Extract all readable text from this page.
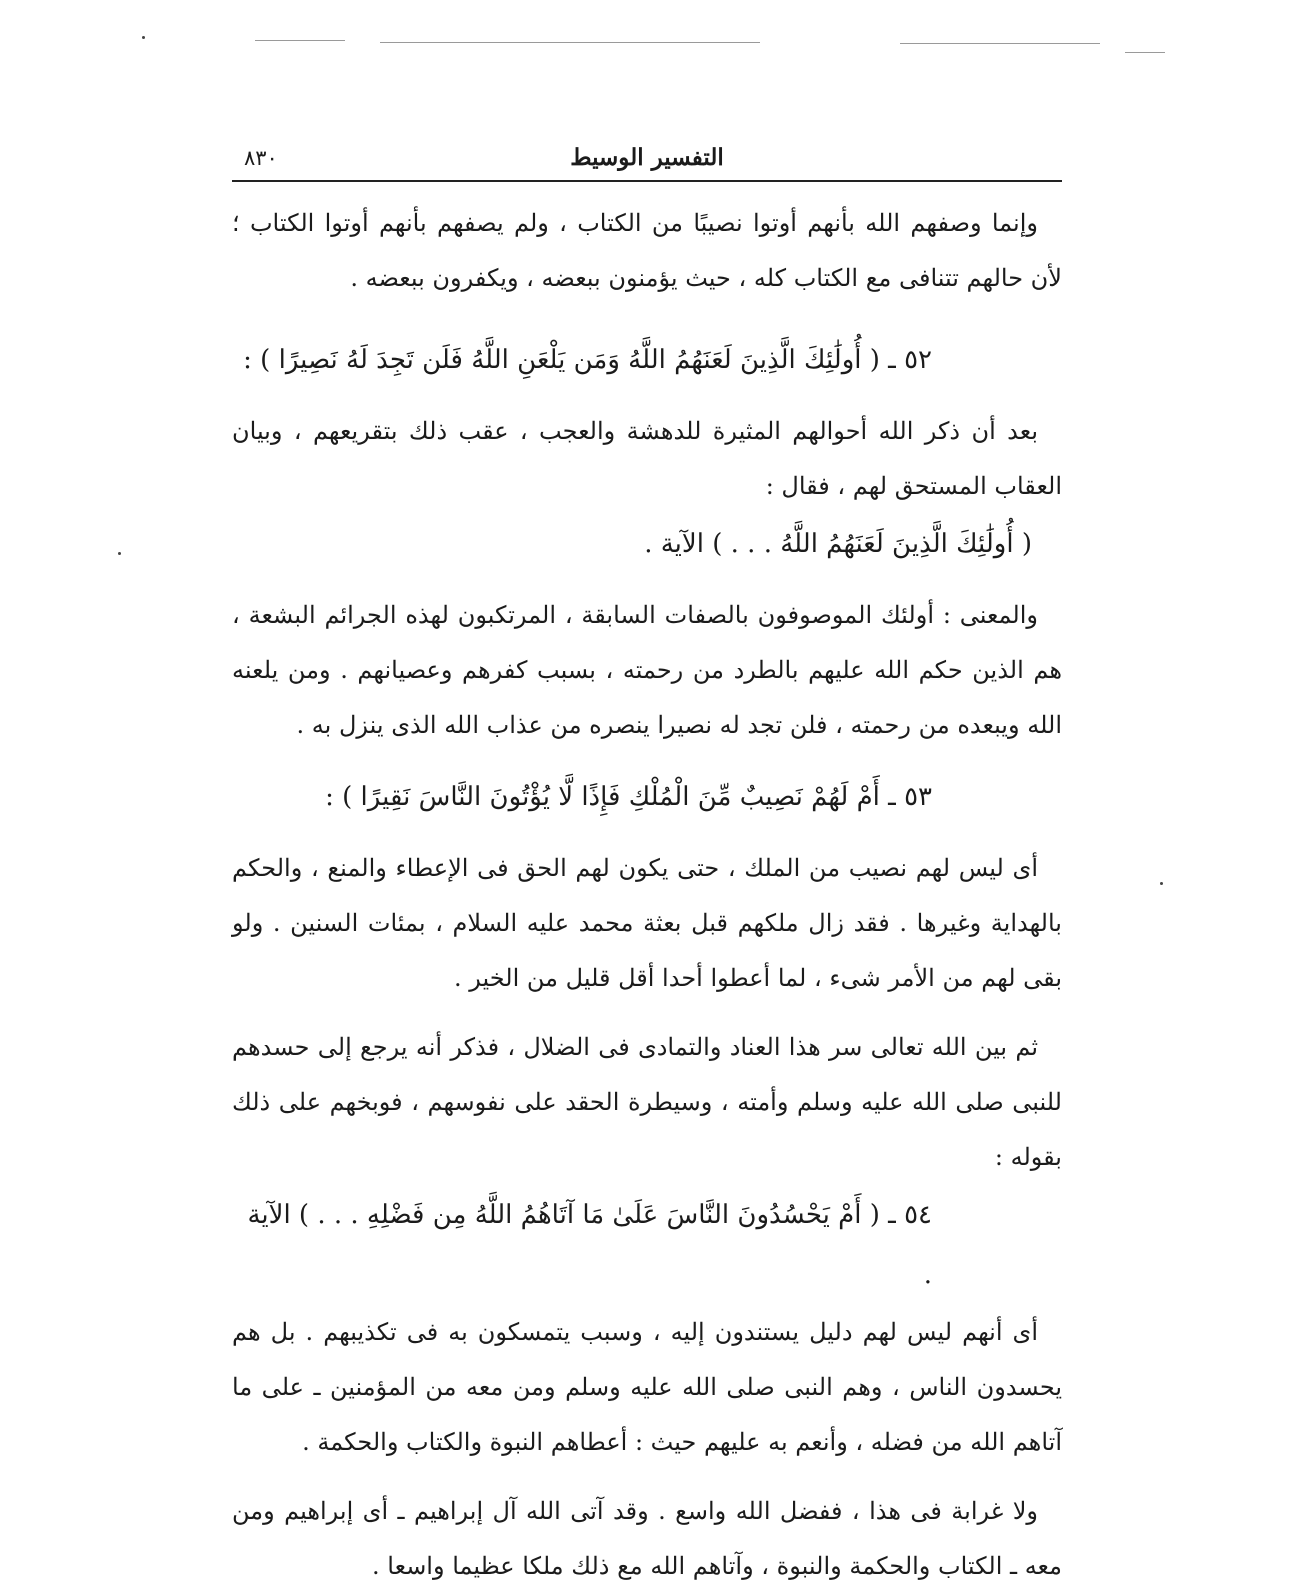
التفسير الوسيط
٨٣٠

وإنما وصفهم الله بأنهم أوتوا نصيبًا من الكتاب ، ولم يصفهم بأنهم أوتوا الكتاب ؛ لأن حالهم تتنافى مع الكتاب كله ، حيث يؤمنون ببعضه ، ويكفرون ببعضه .

٥٢ ـ ( أُولَٰئِكَ الَّذِينَ لَعَنَهُمُ اللَّهُ وَمَن يَلْعَنِ اللَّهُ فَلَن تَجِدَ لَهُ نَصِيرًا ) :

بعد أن ذكر الله أحوالهم المثيرة للدهشة والعجب ، عقب ذلك بتقريعهم ، وبيان العقاب المستحق لهم ، فقال :

( أُولَٰئِكَ الَّذِينَ لَعَنَهُمُ اللَّهُ . . . ) الآية .

والمعنى : أولئك الموصوفون بالصفات السابقة ، المرتكبون لهذه الجرائم البشعة ، هم الذين حكم الله عليهم بالطرد من رحمته ، بسبب كفرهم وعصيانهم . ومن يلعنه الله ويبعده من رحمته ، فلن تجد له نصيرا ينصره من عذاب الله الذى ينزل به .

٥٣ ـ أَمْ لَهُمْ نَصِيبٌ مِّنَ الْمُلْكِ فَإِذًا لَّا يُؤْتُونَ النَّاسَ نَقِيرًا ) :

أى ليس لهم نصيب من الملك ، حتى يكون لهم الحق فى الإعطاء والمنع ، والحكم بالهداية وغيرها . فقد زال ملكهم قبل بعثة محمد عليه السلام ، بمئات السنين . ولو بقى لهم من الأمر شىء ، لما أعطوا أحدا أقل قليل من الخير .

ثم بين الله تعالى سر هذا العناد والتمادى فى الضلال ، فذكر أنه يرجع إلى حسدهم للنبى صلى الله عليه وسلم وأمته ، وسيطرة الحقد على نفوسهم ، فوبخهم على ذلك بقوله :

٥٤ ـ ( أَمْ يَحْسُدُونَ النَّاسَ عَلَىٰ مَا آتَاهُمُ اللَّهُ مِن فَضْلِهِ . . . ) الآية .

أى أنهم ليس لهم دليل يستندون إليه ، وسبب يتمسكون به فى تكذيبهم . بل هم يحسدون الناس ، وهم النبى صلى الله عليه وسلم ومن معه من المؤمنين ـ على ما آتاهم الله من فضله ، وأنعم به عليهم حيث : أعطاهم النبوة والكتاب والحكمة .

ولا غرابة فى هذا ، ففضل الله واسع . وقد آتى الله آل إبراهيم ـ أى إبراهيم ومن معه ـ الكتاب والحكمة والنبوة ، وآتاهم الله مع ذلك ملكا عظيما واسعا .
